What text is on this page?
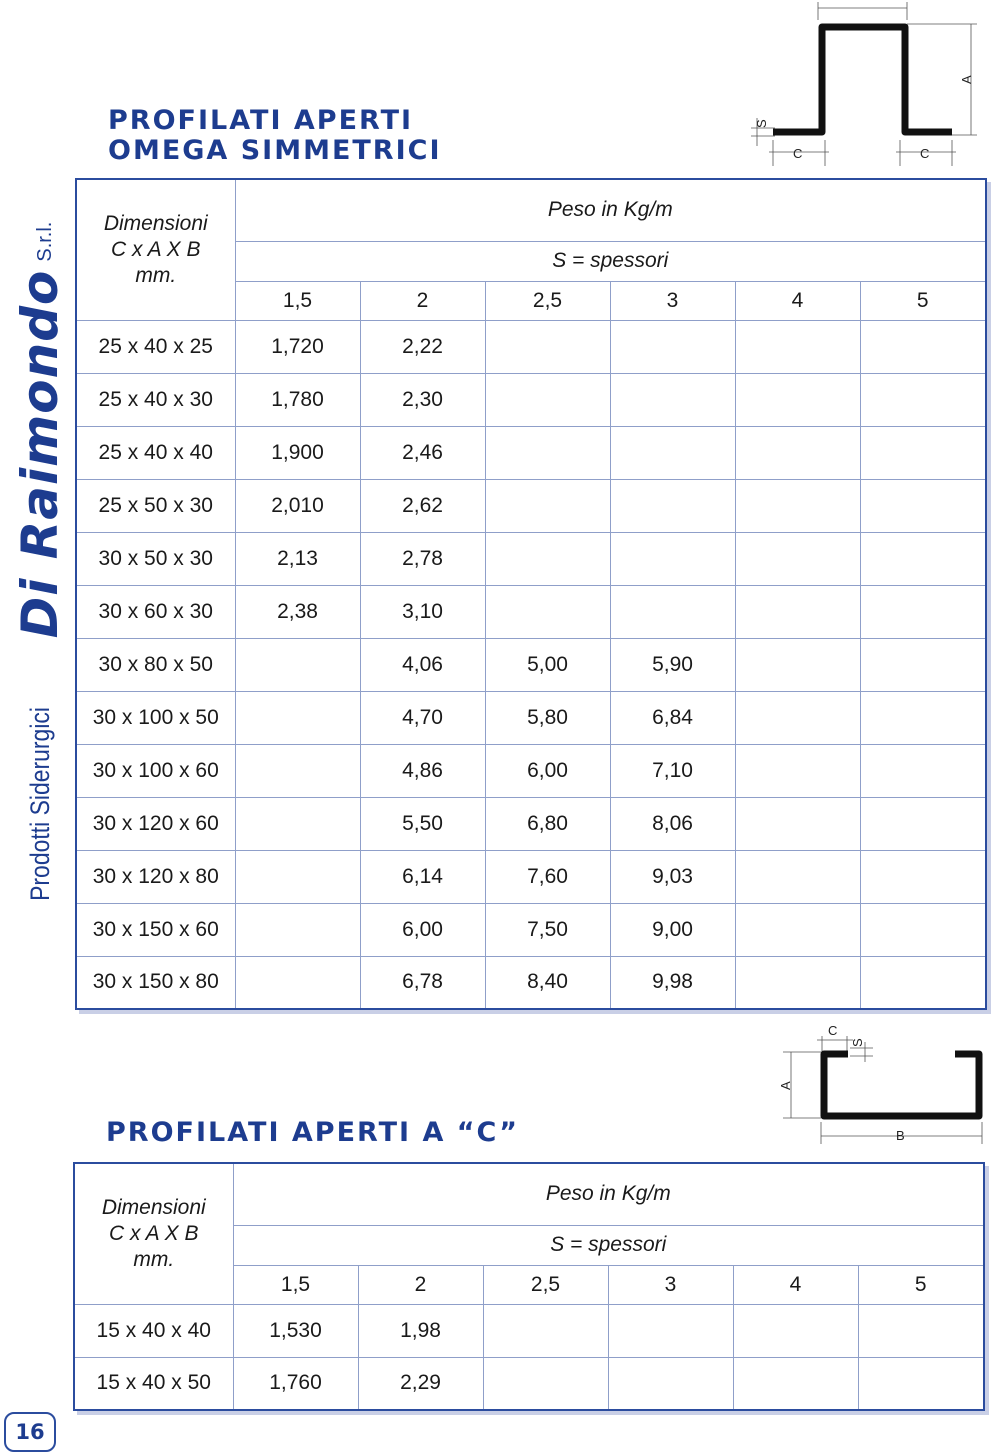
Prodotti Siderurgici
Di Raimondo
S.r.l.
PROFILATI APERTI
OMEGA SIMMETRICI
S
C	C
A
Dimensioni
C x A X B
mm.	Peso in Kg/m					
	S = spessori					
	1,5	2	2,5	3	4	5
25 x 40 x 25	1,720	2,22				
25 x 40 x 30	1,780	2,30				
25 x 40 x 40	1,900	2,46				
25 x 50 x 30	2,010	2,62				
30 x 50 x 30	2,13	2,78				
30 x 60 x 30	2,38	3,10				
30 x 80 x 50		4,06	5,00	5,90		
30 x 100 x 50		4,70	5,80	6,84		
30 x 100 x 60		4,86	6,00	7,10		
30 x 120 x 60		5,50	6,80	8,06		
30 x 120 x 80		6,14	7,60	9,03		
30 x 150 x 60		6,00	7,50	9,00		
30 x 150 x 80		6,78	8,40	9,98		
PROFILATI APERTI A “C”
C
S
A
B
Dimensioni
C x A X B
mm.	Peso in Kg/m					
	S = spessori					
	1,5	2	2,5	3	4	5
15 x 40 x 40	1,530	1,98				
15 x 40 x 50	1,760	2,29				
16
